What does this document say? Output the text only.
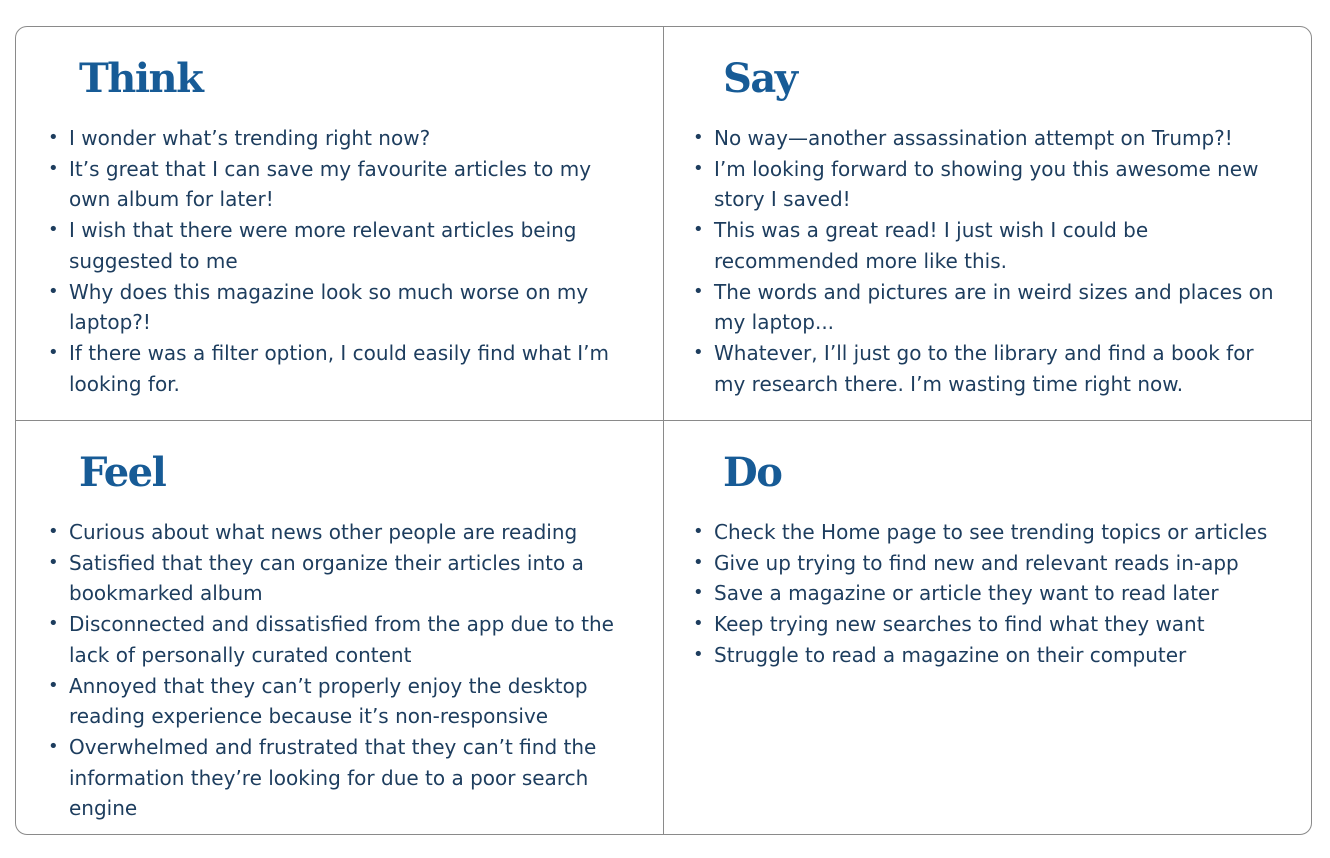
Think
• I wonder what’s trending right now?
• It’s great that I can save my favourite articles to my own album for later!
• I wish that there were more relevant articles being suggested to me
• Why does this magazine look so much worse on my laptop?!
• If there was a filter option, I could easily find what I’m looking for.
Say
• No way—another assassination attempt on Trump?!
• I’m looking forward to showing you this awesome new story I saved!
• This was a great read! I just wish I could be recommended more like this.
• The words and pictures are in weird sizes and places on my laptop...
• Whatever, I’ll just go to the library and find a book for my research there. I’m wasting time right now.
Feel
• Curious about what news other people are reading
• Satisfied that they can organize their articles into a bookmarked album
• Disconnected and dissatisfied from the app due to the lack of personally curated content
• Annoyed that they can’t properly enjoy the desktop reading experience because it’s non-responsive
• Overwhelmed and frustrated that they can’t find the information they’re looking for due to a poor search engine
Do
• Check the Home page to see trending topics or articles
• Give up trying to find new and relevant reads in-app
• Save a magazine or article they want to read later
• Keep trying new searches to find what they want
• Struggle to read a magazine on their computer
